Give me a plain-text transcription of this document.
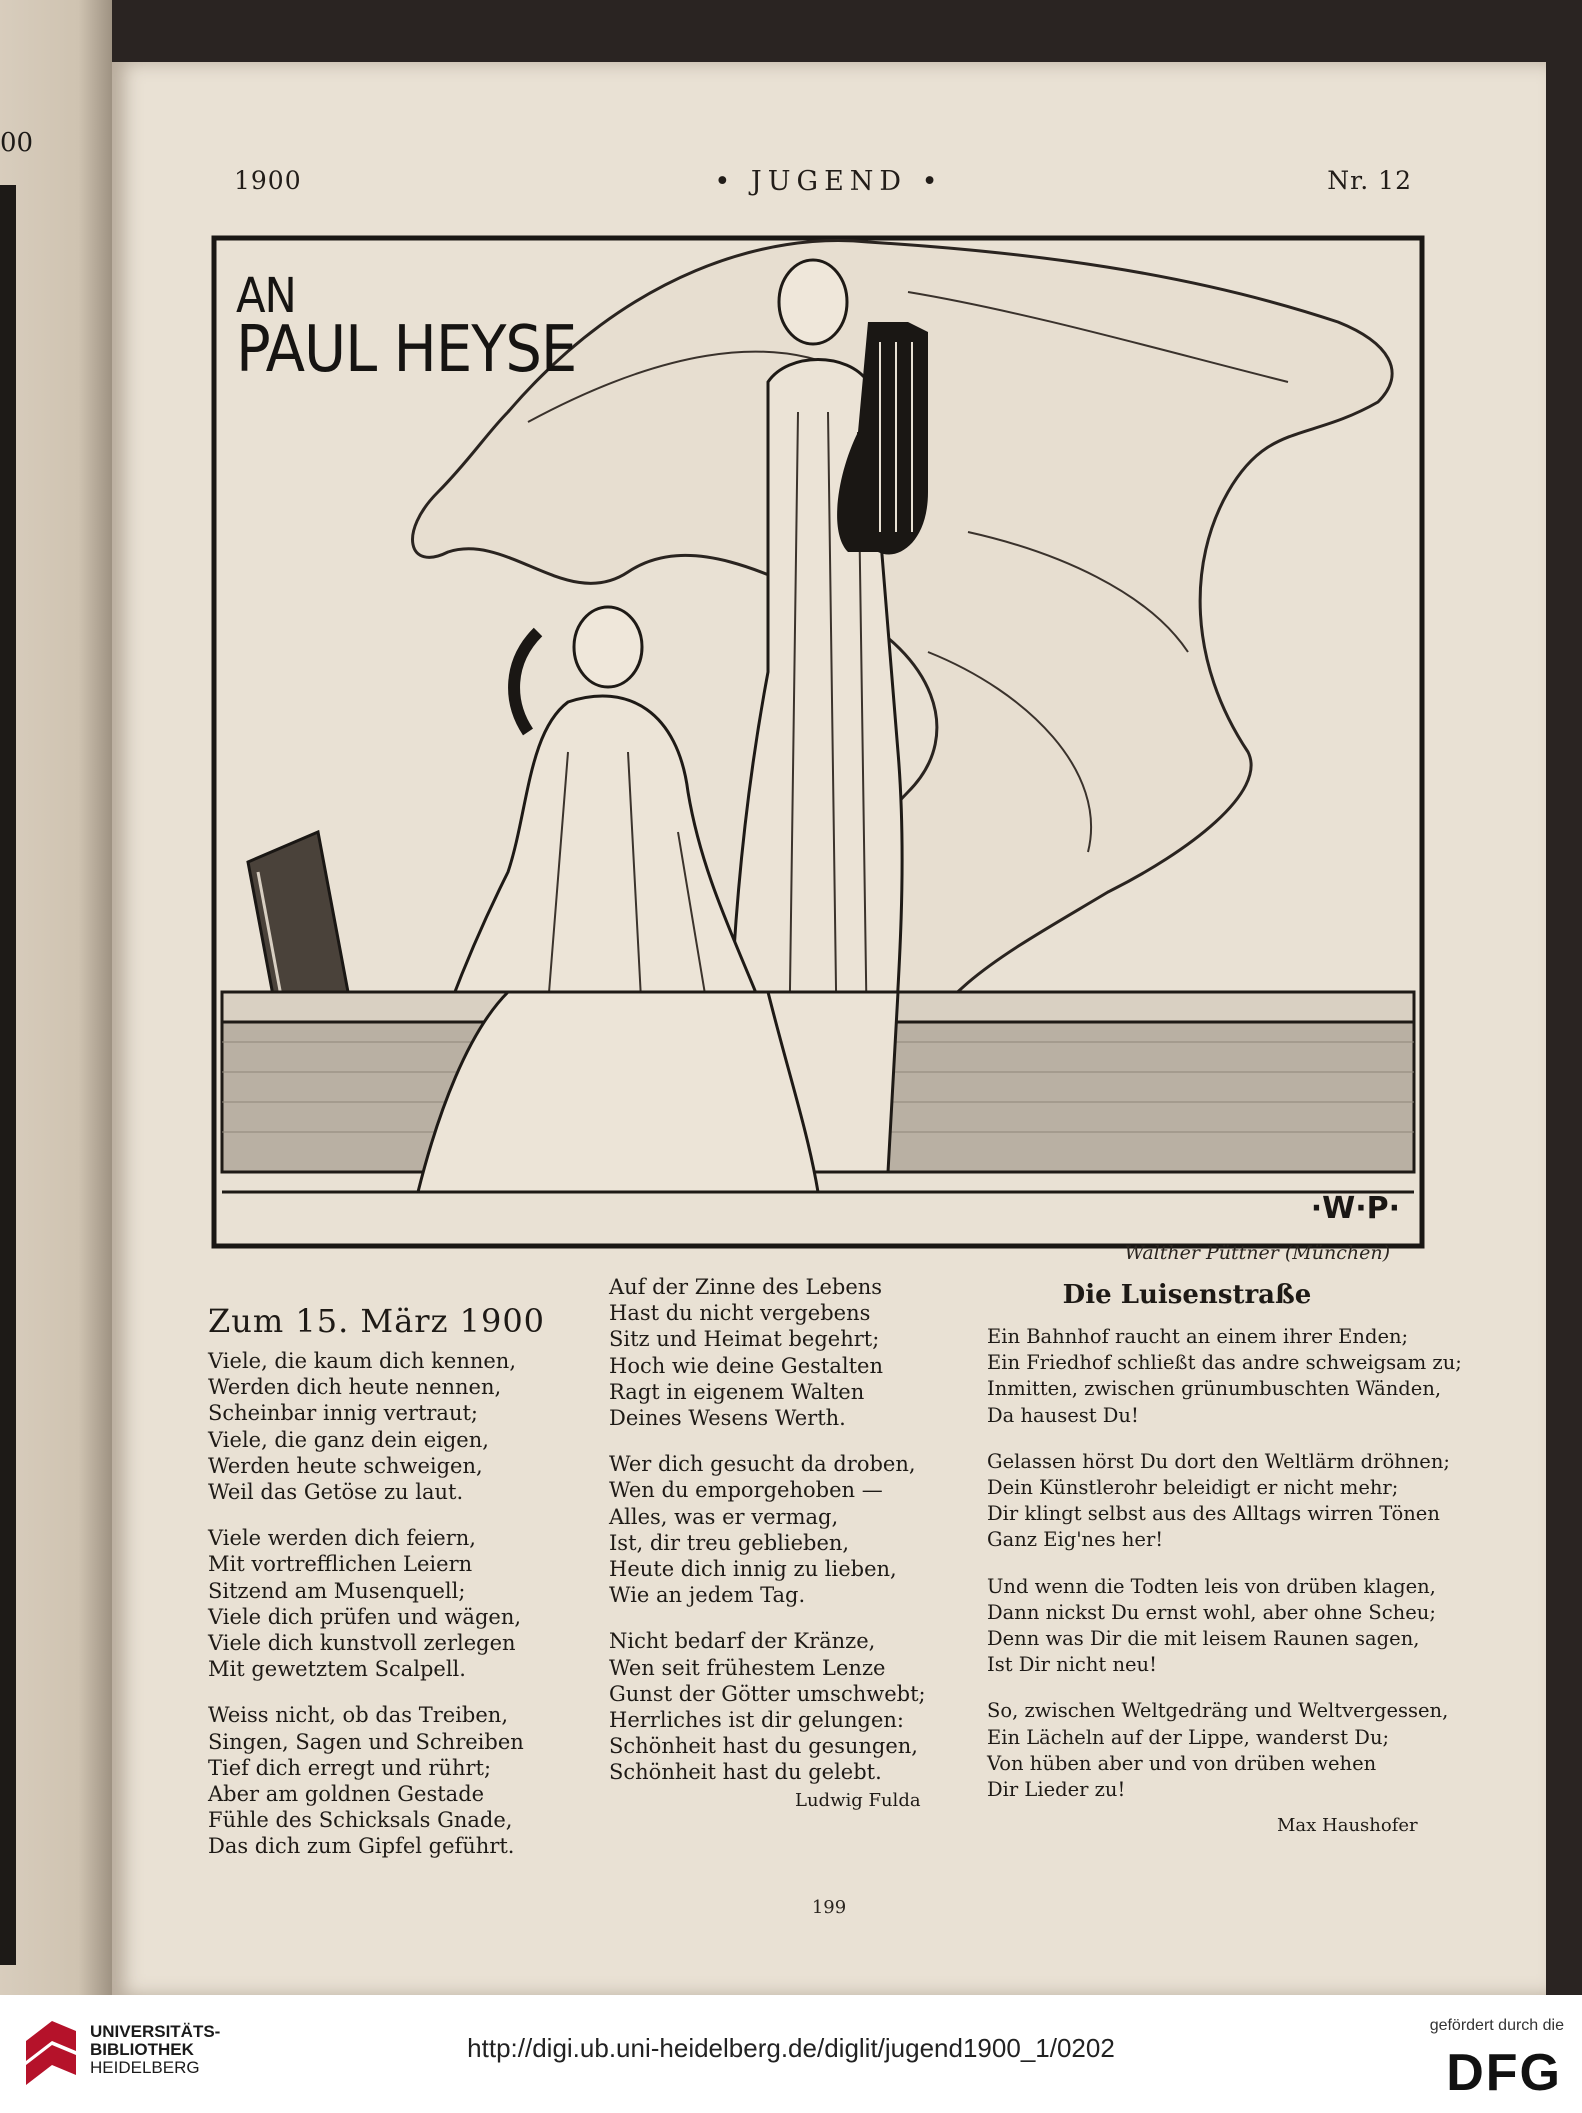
00
• JUGEND •
1900	Nr. 12
AN
PAUL HEYSE
·W·P·
Walther Püttner (München)
Zum 15. März 1900

Viele, die kaum dich kennen,

Werden dich heute nennen,

Scheinbar innig vertraut;

Viele, die ganz dein eigen,

Werden heute schweigen,

Weil das Getöse zu laut.

Viele werden dich feiern,

Mit vortrefflichen Leiern

Sitzend am Musenquell;

Viele dich prüfen und wägen,

Viele dich kunstvoll zerlegen

Mit gewetztem Scalpell.

Weiss nicht, ob das Treiben,

Singen, Sagen und Schreiben

Tief dich erregt und rührt;

Aber am goldnen Gestade

Fühle des Schicksals Gnade,

Das dich zum Gipfel geführt.

Auf der Zinne des Lebens

Hast du nicht vergebens

Sitz und Heimat begehrt;

Hoch wie deine Gestalten

Ragt in eigenem Walten

Deines Wesens Werth.

Wer dich gesucht da droben,

Wen du emporgehoben —

Alles, was er vermag,

Ist, dir treu geblieben,

Heute dich innig zu lieben,

Wie an jedem Tag.

Nicht bedarf der Kränze,

Wen seit frühestem Lenze

Gunst der Götter umschwebt;

Herrliches ist dir gelungen:

Schönheit hast du gesungen,

Schönheit hast du gelebt.

Ludwig Fulda

Die Luisenstraße

Ein Bahnhof raucht an einem ihrer Enden;

Ein Friedhof schließt das andre schweigsam zu;

Inmitten, zwischen grünumbuschten Wänden,

Da hausest Du!

Gelassen hörst Du dort den Weltlärm dröhnen;

Dein Künstlerohr beleidigt er nicht mehr;

Dir klingt selbst aus des Alltags wirren Tönen

Ganz Eig'nes her!

Und wenn die Todten leis von drüben klagen,

Dann nickst Du ernst wohl, aber ohne Scheu;

Denn was Dir die mit leisem Raunen sagen,

Ist Dir nicht neu!

So, zwischen Weltgedräng und Weltvergessen,

Ein Lächeln auf der Lippe, wanderst Du;

Von hüben aber und von drüben wehen

Dir Lieder zu!

Max Haushofer

199
UNIVERSITÄTS-
BIBLIOTHEK
HEIDELBERG
http://digi.ub.uni-heidelberg.de/diglit/jugend1900_1/0202
gefördert durch die
DFG
